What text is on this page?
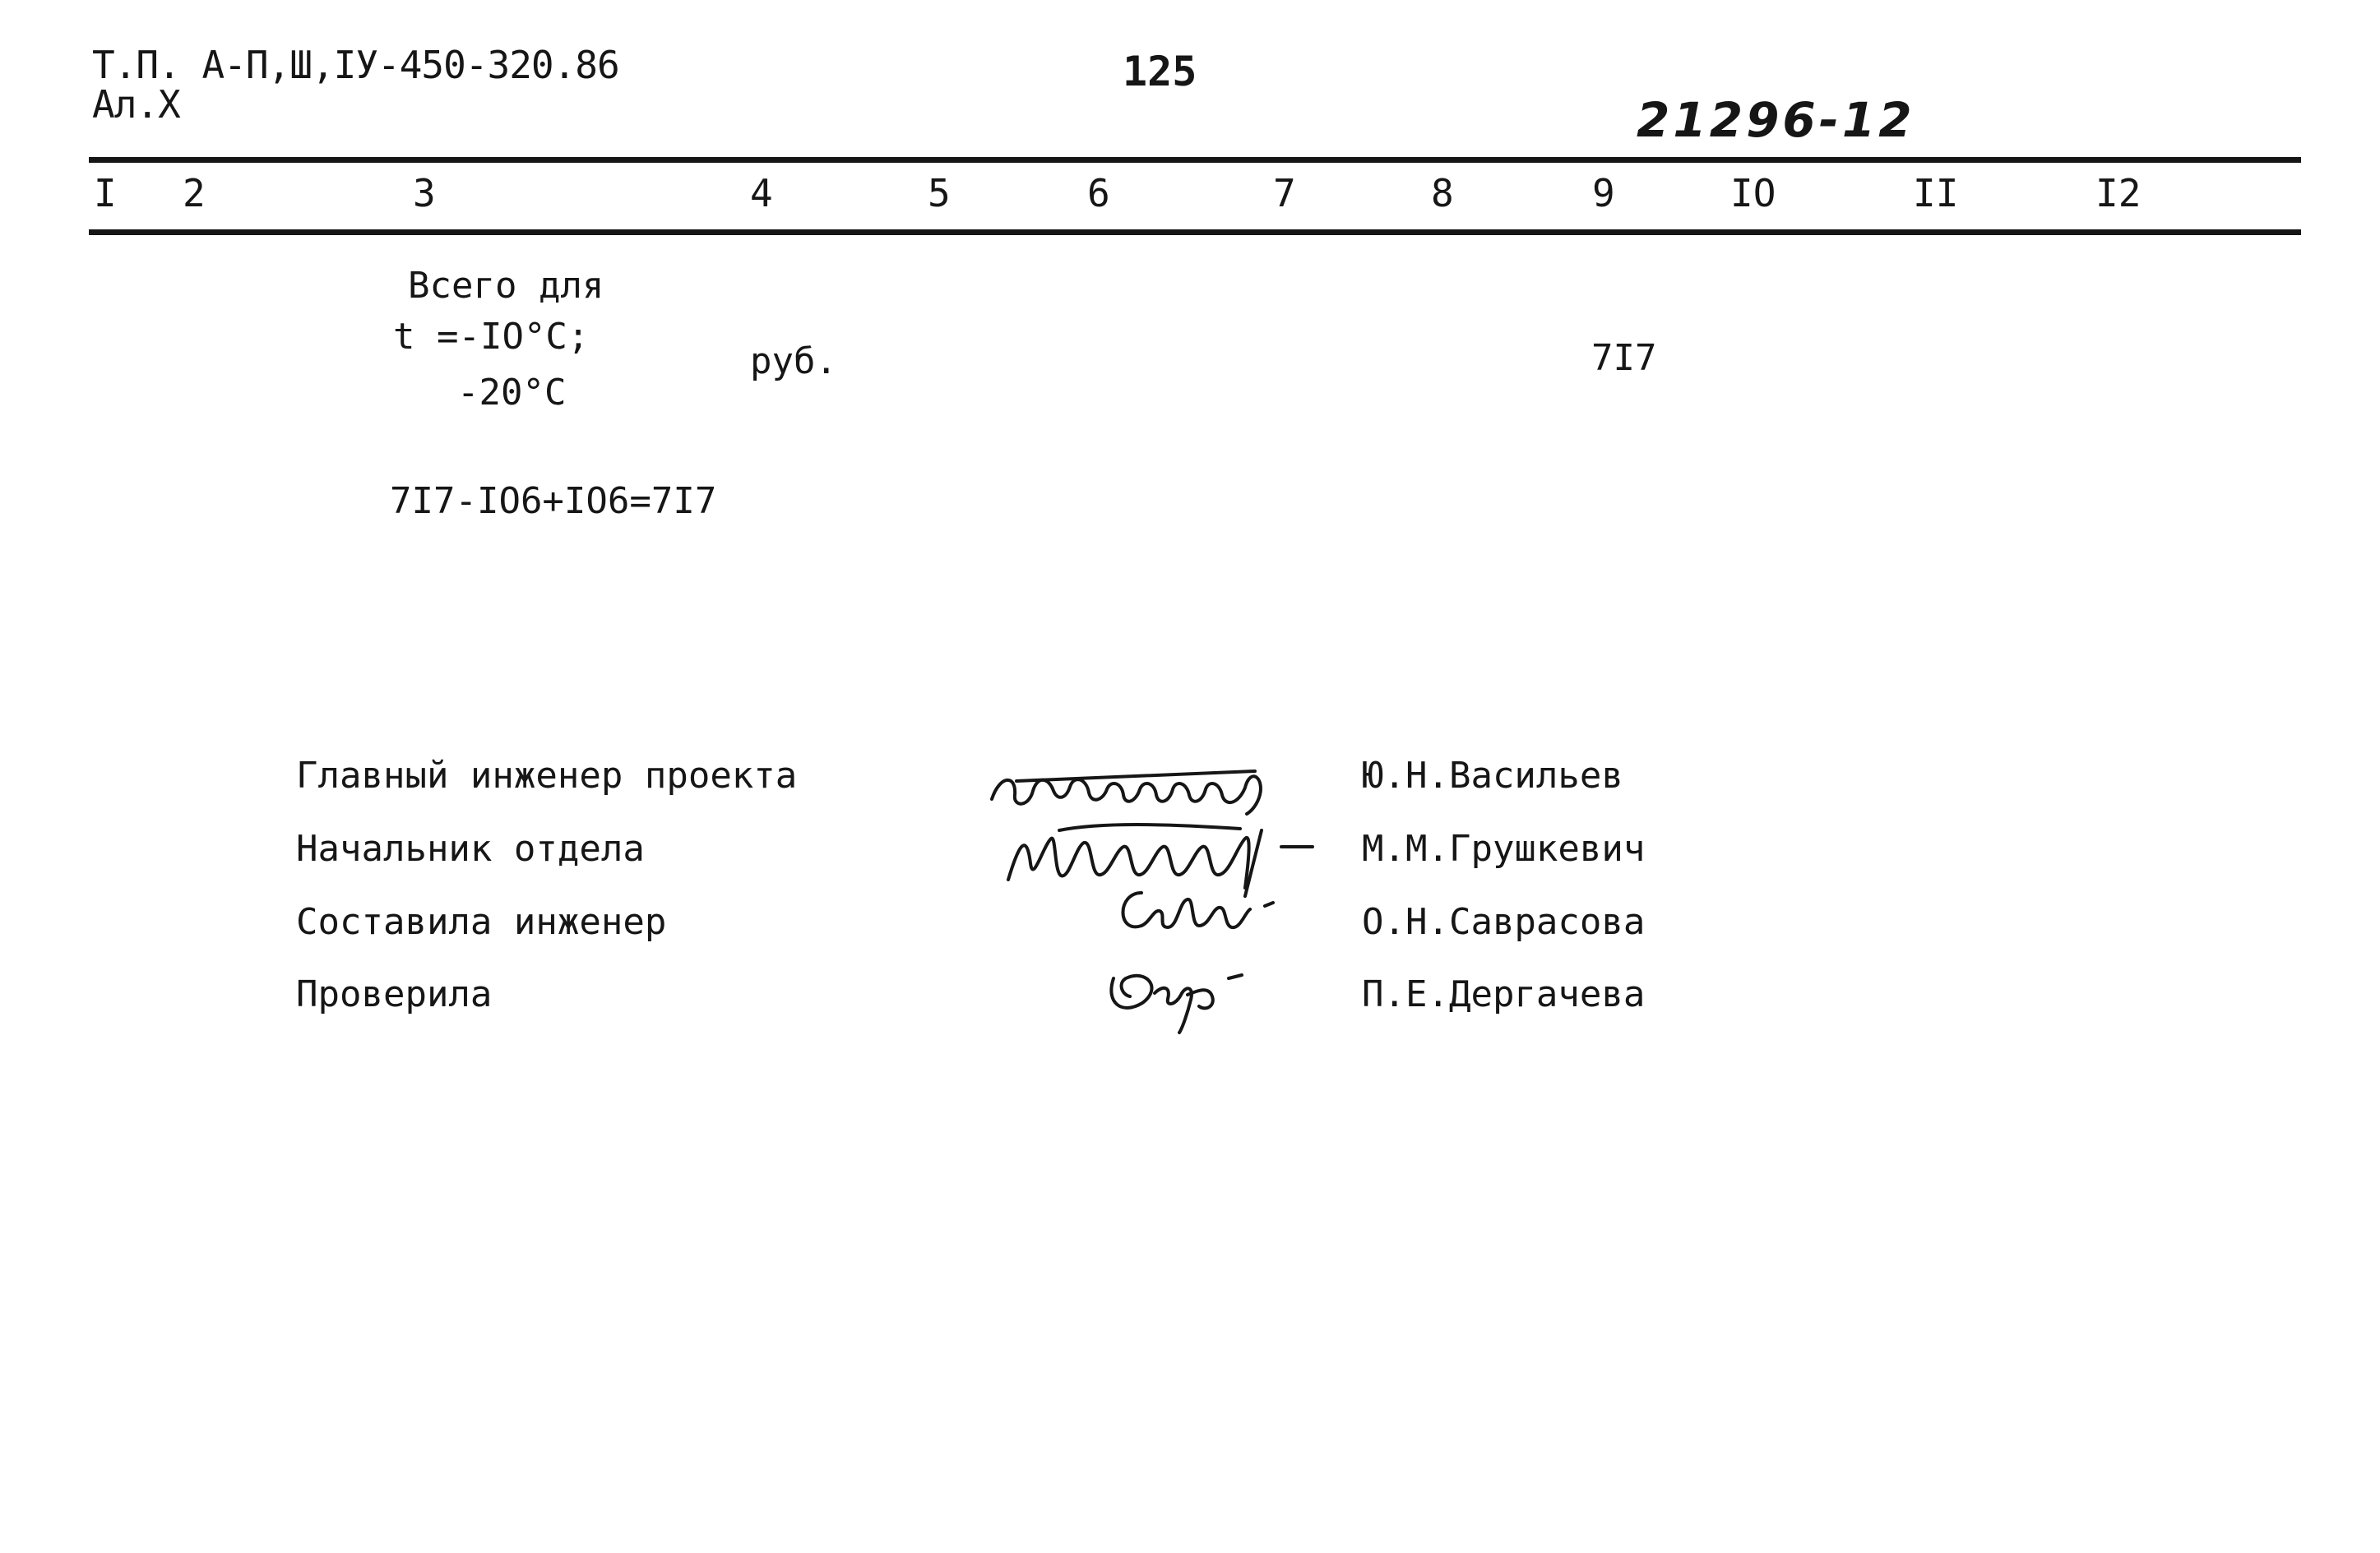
Т.П. А-П,Ш,IУ-450-320.86
Ал.Х
125
21296-12
I 2	3	4	5	6	7	8	9	IO	II	I2
Всего для
t =-IO°C;
-20°C
руб.	7I7
7I7-IO6+IO6=7I7
Главный инженер проекта	Ю.Н.Васильев
Начальник отдела	М.М.Грушкевич
Составила инженер	О.Н.Саврасова
Проверила	П.Е.Дергачева
